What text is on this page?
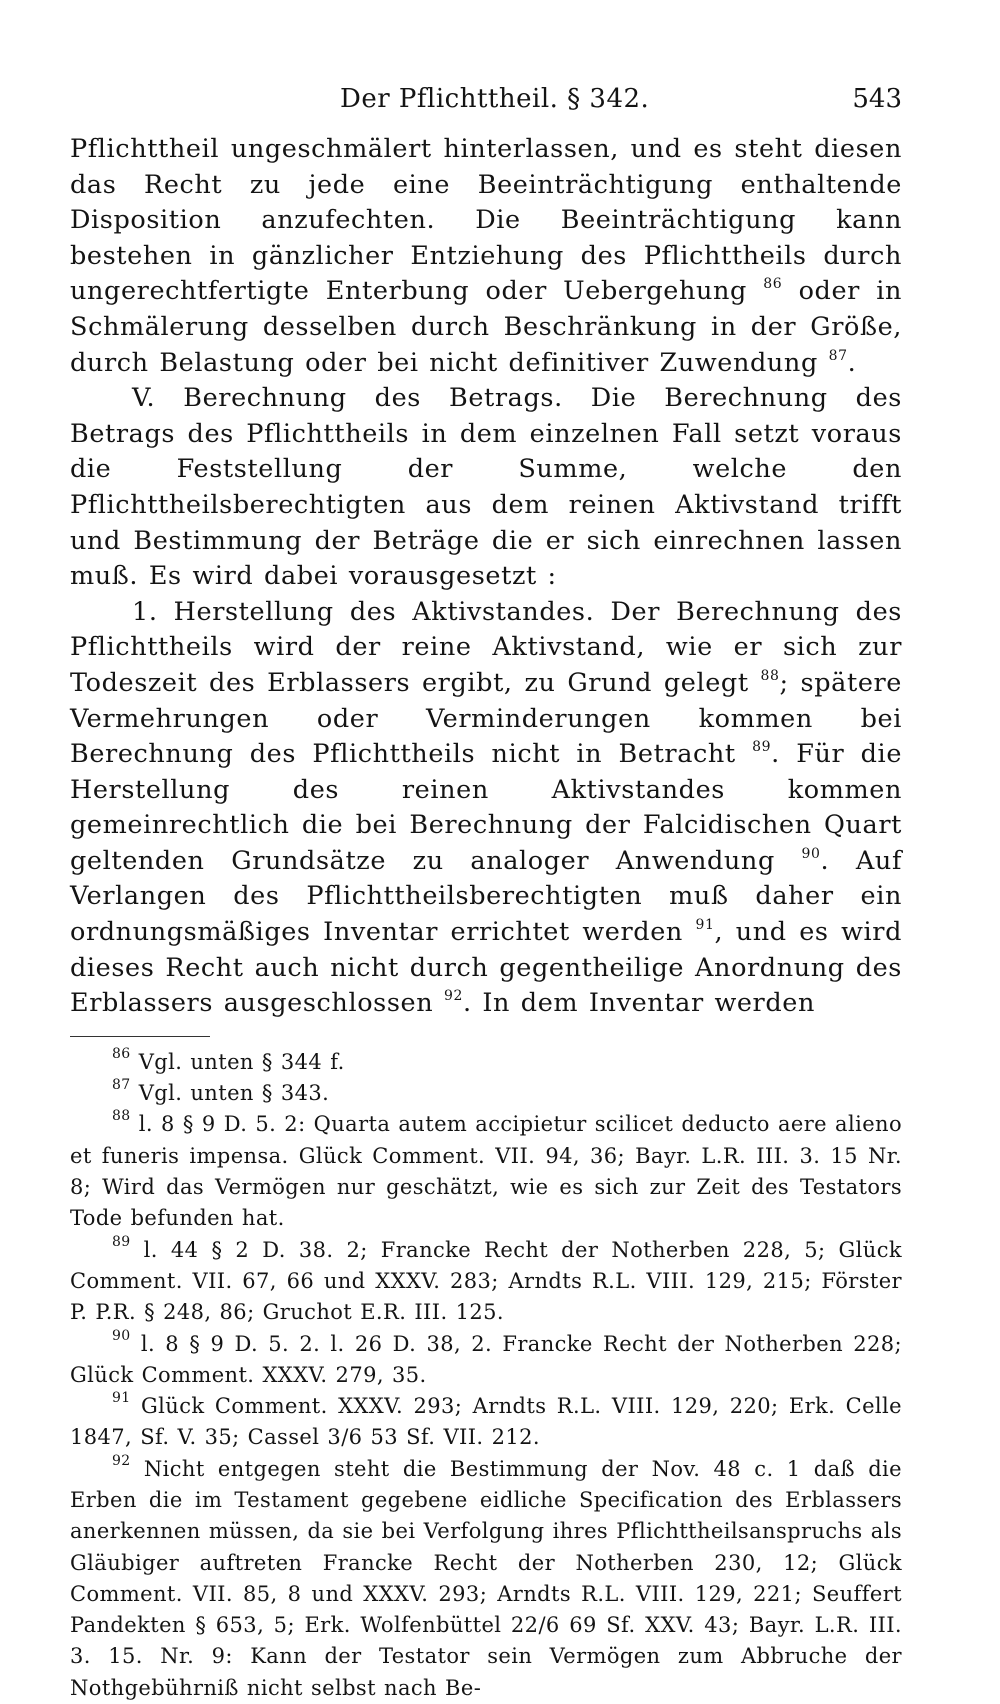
Der Pflichttheil. § 342.	543

Pflichttheil ungeschmälert hinterlassen, und es steht diesen das Recht zu jede eine Beeinträchtigung enthaltende Disposition anzufechten. Die Beeinträchtigung kann bestehen in gänzlicher Entziehung des Pflichttheils durch ungerechtfertigte Enterbung oder Uebergehung $^{86}$ oder in Schmälerung desselben durch Beschränkung in der Größe, durch Belastung oder bei nicht definitiver Zuwendung $^{87}$.

V. Berechnung des Betrags. Die Berechnung des Betrags des Pflichttheils in dem einzelnen Fall setzt voraus die Feststellung der Summe, welche den Pflichttheilsberechtigten aus dem reinen Aktivstand trifft und Bestimmung der Beträge die er sich einrechnen lassen muß. Es wird dabei vorausgesetzt :

1. Herstellung des Aktivstandes. Der Berechnung des Pflichttheils wird der reine Aktivstand, wie er sich zur Todeszeit des Erblassers ergibt, zu Grund gelegt $^{88}$; spätere Vermehrungen oder Verminderungen kommen bei Berechnung des Pflichttheils nicht in Betracht $^{89}$. Für die Herstellung des reinen Aktivstandes kommen gemeinrechtlich die bei Berechnung der Falcidischen Quart geltenden Grundsätze zu analoger Anwendung $^{90}$. Auf Verlangen des Pflichttheilsberechtigten muß daher ein ordnungsmäßiges Inventar errichtet werden $^{91}$, und es wird dieses Recht auch nicht durch gegentheilige Anordnung des Erblassers ausgeschlossen $^{92}$. In dem Inventar werden

$^{86}$ Vgl. unten § 344 f.

$^{87}$ Vgl. unten § 343.

$^{88}$ l. 8 § 9 D. 5. 2: Quarta autem accipietur scilicet deducto aere alieno et funeris impensa. Glück Comment. VII. 94, 36; Bayr. L.R. III. 3. 15 Nr. 8; Wird das Vermögen nur geschätzt, wie es sich zur Zeit des Testators Tode befunden hat.

$^{89}$ l. 44 § 2 D. 38. 2; Francke Recht der Notherben 228, 5; Glück Comment. VII. 67, 66 und XXXV. 283; Arndts R.L. VIII. 129, 215; Förster P. P.R. § 248, 86; Gruchot E.R. III. 125.

$^{90}$ l. 8 § 9 D. 5. 2. l. 26 D. 38, 2. Francke Recht der Notherben 228; Glück Comment. XXXV. 279, 35.

$^{91}$ Glück Comment. XXXV. 293; Arndts R.L. VIII. 129, 220; Erk. Celle 1847, Sf. V. 35; Cassel 3/6 53 Sf. VII. 212.

$^{92}$ Nicht entgegen steht die Bestimmung der Nov. 48 c. 1 daß die Erben die im Testament gegebene eidliche Specification des Erblassers anerkennen müssen, da sie bei Verfolgung ihres Pflichttheilsanspruchs als Gläubiger auftreten Francke Recht der Notherben 230, 12; Glück Comment. VII. 85, 8 und XXXV. 293; Arndts R.L. VIII. 129, 221; Seuffert Pandekten § 653, 5; Erk. Wolfenbüttel 22/6 69 Sf. XXV. 43; Bayr. L.R. III. 3. 15. Nr. 9: Kann der Testator sein Vermögen zum Abbruche der Nothgebührniß nicht selbst nach Be-
